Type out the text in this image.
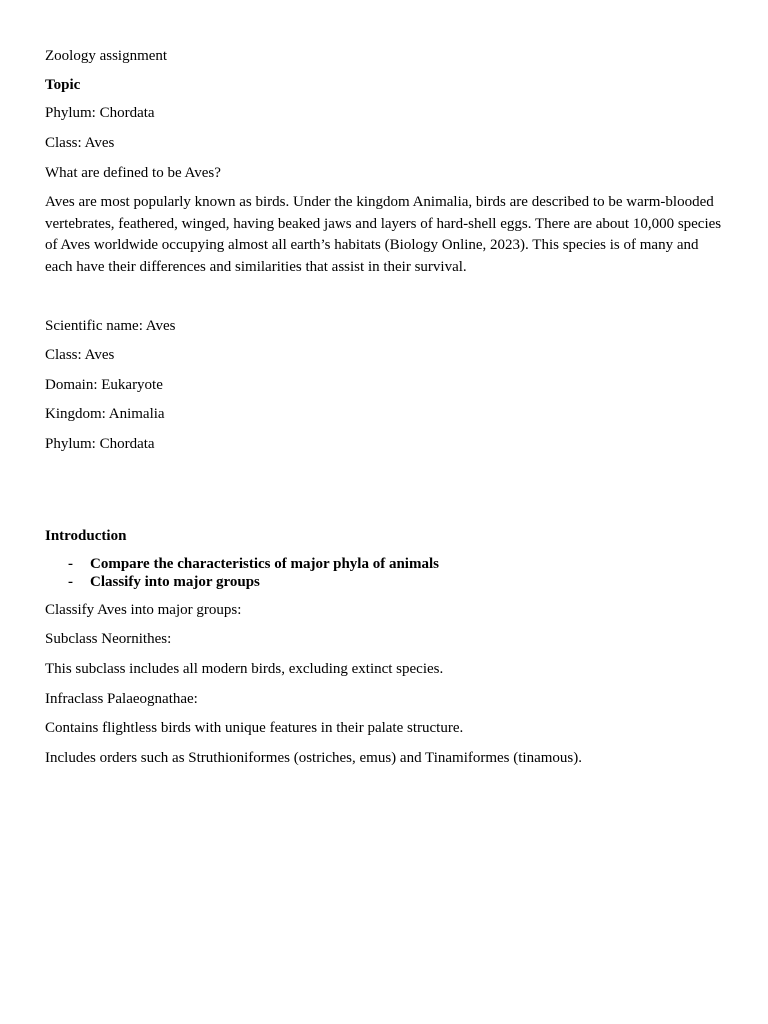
Zoology assignment

Topic

Phylum: Chordata

Class: Aves

What are defined to be Aves?

Aves are most popularly known as birds. Under the kingdom Animalia, birds are described to be warm-blooded vertebrates, feathered, winged, having beaked jaws and layers of hard-shell eggs. There are about 10,000 species of Aves worldwide occupying almost all earth’s habitats (Biology Online, 2023). This species is of many and each have their differences and similarities that assist in their survival.

Scientific name: Aves

Class: Aves

Domain: Eukaryote

Kingdom: Animalia

Phylum: Chordata

Introduction

- Compare the characteristics of major phyla of animals
- Classify into major groups

Classify Aves into major groups:

Subclass Neornithes:

This subclass includes all modern birds, excluding extinct species.

Infraclass Palaeognathae:

Contains flightless birds with unique features in their palate structure.

Includes orders such as Struthioniformes (ostriches, emus) and Tinamiformes (tinamous).
